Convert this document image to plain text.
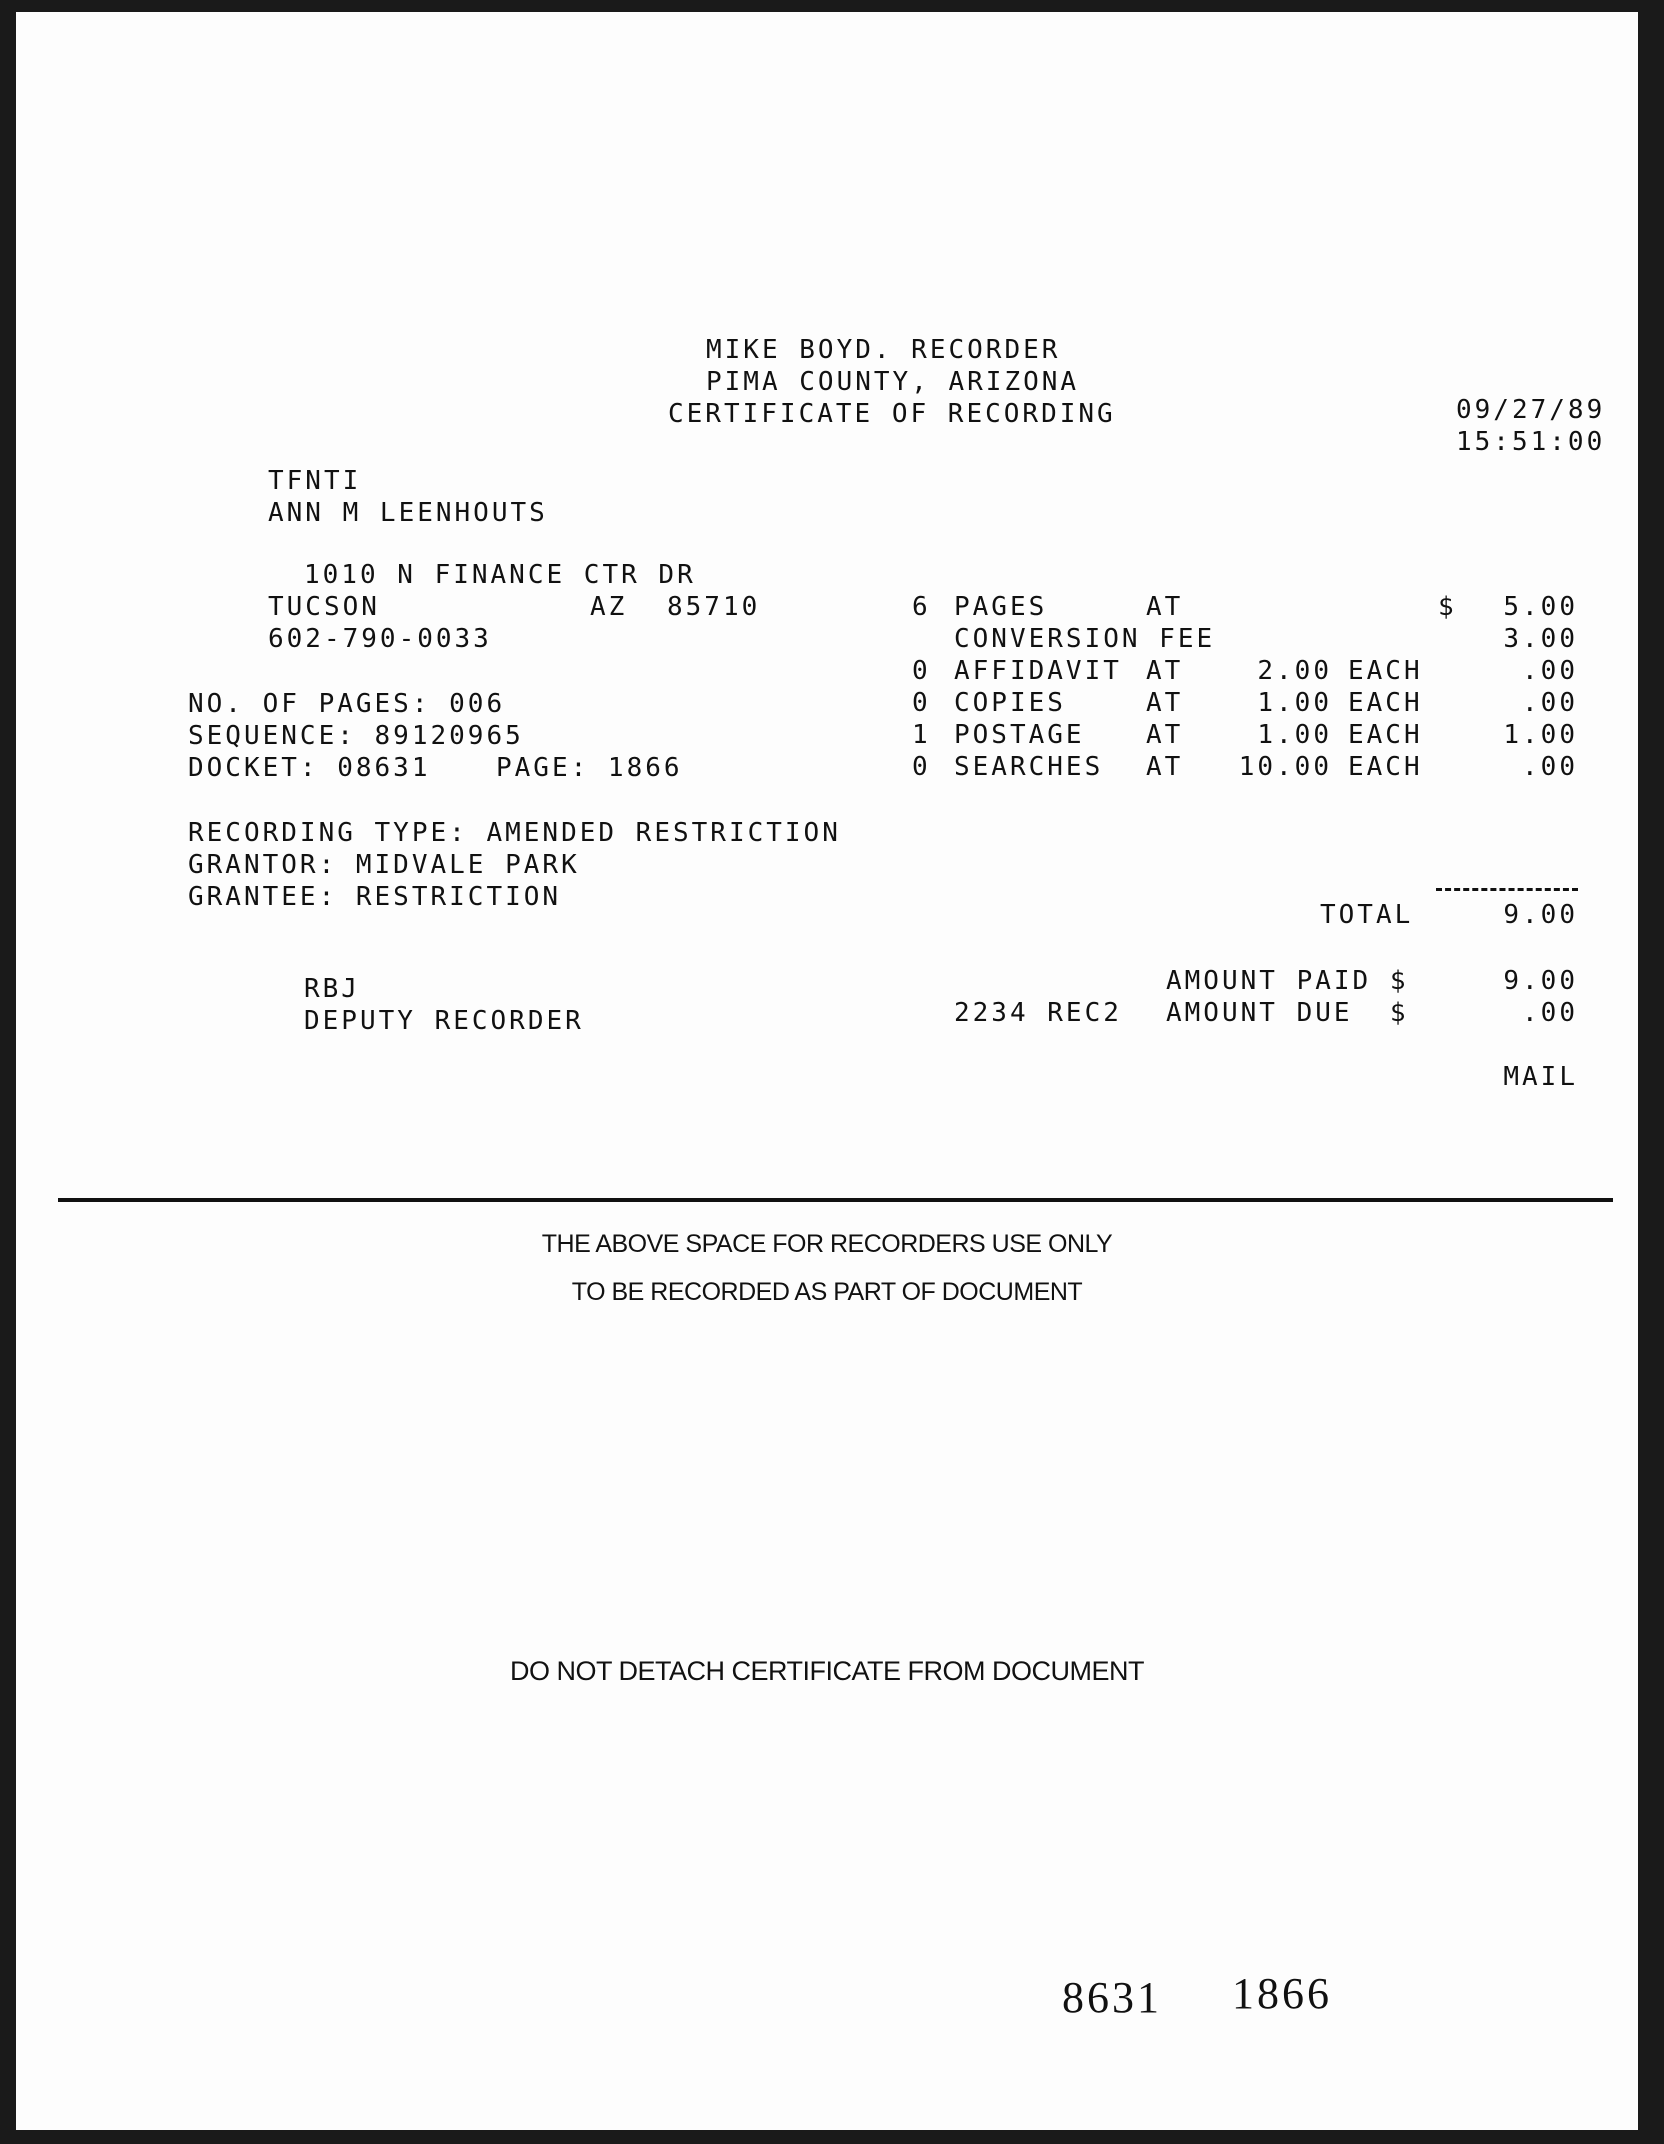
MIKE BOYD. RECORDER
PIMA COUNTY, ARIZONA
CERTIFICATE OF RECORDING	09/27/89
15:51:00
TFNTI
ANN M LEENHOUTS
1010 N FINANCE CTR DR
TUCSON	AZ 85710
602-790-0033
NO. OF PAGES: 006
SEQUENCE: 89120965
DOCKET: 08631	PAGE: 1866
RECORDING TYPE: AMENDED RESTRICTION
GRANTOR: MIDVALE PARK
GRANTEE: RESTRICTION
6 PAGES	AT	$	5.00
CONVERSION FEE	3.00
0 AFFIDAVIT AT	2.00 EACH	.00
0 COPIES	AT	1.00 EACH	.00
1 POSTAGE AT	1.00 EACH	1.00
0 SEARCHES AT	10.00 EACH	.00
TOTAL	9.00
AMOUNT PAID $	9.00
2234 REC2 AMOUNT DUE  $	.00
MAIL
RBJ
DEPUTY RECORDER
THE ABOVE SPACE FOR RECORDERS USE ONLY
TO BE RECORDED AS PART OF DOCUMENT
DO NOT DETACH CERTIFICATE FROM DOCUMENT
8631 1866
